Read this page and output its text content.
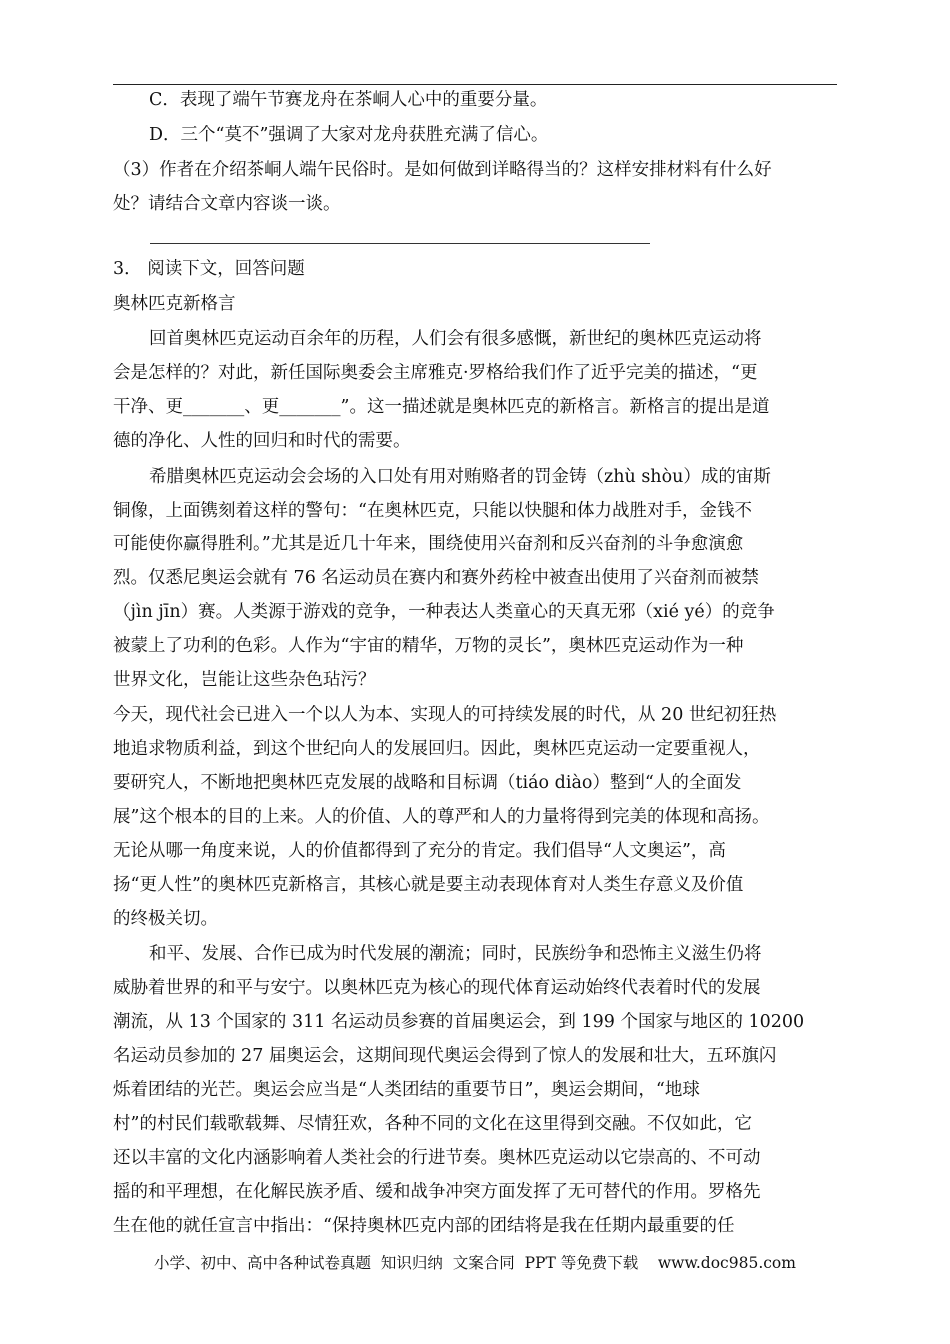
C．表现了端午节赛龙舟在茶峒人心中的重要分量。
D．三个“莫不”强调了大家对龙舟获胜充满了信心。
（3）作者在介绍茶峒人端午民俗时。是如何做到详略得当的？这样安排材料有什么好
处？请结合文章内容谈一谈。
3． 阅读下文，回答问题
奥林匹克新格言
回首奥林匹克运动百余年的历程，人们会有很多感慨，新世纪的奥林匹克运动将
会是怎样的？对此，新任国际奥委会主席雅克·罗格给我们作了近乎完美的描述，“更
干净、更_______、更_______”。这一描述就是奥林匹克的新格言。新格言的提出是道
德的净化、人性的回归和时代的需要。
希腊奥林匹克运动会会场的入口处有用对贿赂者的罚金铸（zhù shòu）成的宙斯
铜像，上面镌刻着这样的警句：“在奥林匹克，只能以快腿和体力战胜对手，金钱不
可能使你赢得胜利。”尤其是近几十年来，围绕使用兴奋剂和反兴奋剂的斗争愈演愈
烈。仅悉尼奥运会就有 76 名运动员在赛内和赛外药栓中被查出使用了兴奋剂而被禁
（jìn jīn）赛。人类源于游戏的竞争，一种表达人类童心的天真无邪（xié yé）的竞争
被蒙上了功利的色彩。人作为“宇宙的精华，万物的灵长”，奥林匹克运动作为一种
世界文化，岂能让这些杂色玷污？
今天，现代社会已进入一个以人为本、实现人的可持续发展的时代，从 20 世纪初狂热
地追求物质利益，到这个世纪向人的发展回归。因此，奥林匹克运动一定要重视人，
要研究人，不断地把奥林匹克发展的战略和目标调（tiáo diào）整到“人的全面发
展”这个根本的目的上来。人的价值、人的尊严和人的力量将得到完美的体现和高扬。
无论从哪一角度来说，人的价值都得到了充分的肯定。我们倡导“人文奥运”，高
扬“更人性”的奥林匹克新格言，其核心就是要主动表现体育对人类生存意义及价值
的终极关切。
和平、发展、合作已成为时代发展的潮流；同时，民族纷争和恐怖主义滋生仍将
威胁着世界的和平与安宁。以奥林匹克为核心的现代体育运动始终代表着时代的发展
潮流，从 13 个国家的 311 名运动员参赛的首届奥运会，到 199 个国家与地区的 10200
名运动员参加的 27 届奥运会，这期间现代奥运会得到了惊人的发展和壮大，五环旗闪
烁着团结的光芒。奥运会应当是“人类团结的重要节日”，奥运会期间，“地球
村”的村民们载歌载舞、尽情狂欢，各种不同的文化在这里得到交融。不仅如此，它
还以丰富的文化内涵影响着人类社会的行进节奏。奥林匹克运动以它崇高的、不可动
摇的和平理想，在化解民族矛盾、缓和战争冲突方面发挥了无可替代的作用。罗格先
生在他的就任宣言中指出：“保持奥林匹克内部的团结将是我在任期内最重要的任
小学、初中、高中各种试卷真题  知识归纳  文案合同  PPT 等免费下载    www.doc985.com
